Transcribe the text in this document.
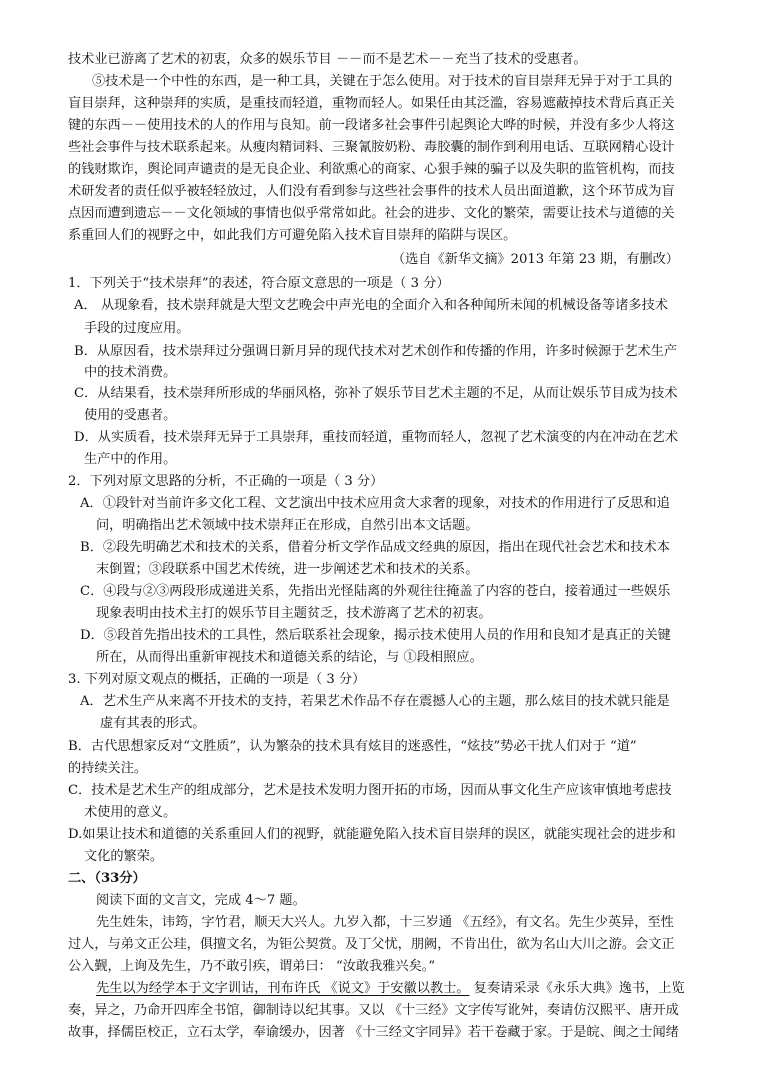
技术业已游离了艺术的初衷，众多的娱乐节目 －－而不是艺术－－充当了技术的受惠者。
⑤技术是一个中性的东西，是一种工具，关键在于怎么使用。对于技术的盲目崇拜无异于对于工具的
盲目崇拜，这种崇拜的实质，是重技而轻道，重物而轻人。如果任由其泛滥，容易遮蔽掉技术背后真正关
键的东西－－使用技术的人的作用与良知。前一段诸多社会事件引起舆论大哗的时候，并没有多少人将这
些社会事件与技术联系起来。从瘦肉精词料、三聚氰胺奶粉、毒胶囊的制作到利用电话、互联网精心设计
的钱财欺诈，舆论同声谴责的是无良企业、利欲熏心的商家、心狠手辣的骗子以及失职的监管机构，而技
术研发者的责任似乎被轻轻放过，人们没有看到参与这些社会事件的技术人员出面道歉，这个环节成为盲
点因而遭到遗忘－－文化领域的事情也似乎常常如此。社会的进步、文化的繁荣，需要让技术与道德的关
系重回人们的视野之中，如此我们方可避免陷入技术盲目崇拜的陷阱与误区。
（选自《新华文摘》2013 年第 23 期，有删改）
1．下列关于“技术崇拜”的表述，符合原文意思的一项是（ 3 分）
A． 从现象看，技术崇拜就是大型文艺晚会中声光电的全面介入和各种闻所未闻的机械设备等诸多技术
手段的过度应用。
B．从原因看，技术崇拜过分强调日新月异的现代技术对艺术创作和传播的作用，许多时候源于艺术生产
中的技术消费。
C．从结果看，技术崇拜所形成的华丽风格，弥补了娱乐节目艺术主题的不足，从而让娱乐节目成为技术
使用的受惠者。
D．从实质看，技术崇拜无异于工具崇拜，重技而轻道，重物而轻人，忽视了艺术演变的内在冲动在艺术
生产中的作用。
2．下列对原文思路的分析，不正确的一项是（ 3 分）
A．①段针对当前许多文化工程、文艺演出中技术应用贪大求奢的现象，对技术的作用进行了反思和追
问，明确指出艺术领域中技术崇拜正在形成，自然引出本文话题。
B．②段先明确艺术和技术的关系，借着分析文学作品成文经典的原因，指出在现代社会艺术和技术本
末倒置；③段联系中国艺术传统，进一步阐述艺术和技术的关系。
C．④段与②③两段形成递进关系，先指出光怪陆离的外观往往掩盖了内容的苍白，接着通过一些娱乐
现象表明由技术主打的娱乐节目主题贫乏，技术游离了艺术的初衷。
D．⑤段首先指出技术的工具性，然后联系社会现象，揭示技术使用人员的作用和良知才是真正的关键
所在，从而得出重新审视技术和道德关系的结论，与 ①段相照应。
3. 下列对原文观点的概括，正确的一项是（ 3 分）
A．艺术生产从来离不开技术的支持，若果艺术作品不存在震撼人心的主题，那么炫目的技术就只能是
虚有其表的形式。
B．古代思想家反对“文胜质”，认为繁杂的技术具有炫目的迷惑性，“炫技”势必干扰人们对于 “道”
的持续关注。
C．技术是艺术生产的组成部分，艺术是技术发明力图开拓的市场，因而从事文化生产应该审慎地考虑技
术使用的意义。
D.如果让技术和道德的关系重回人们的视野，就能避免陷入技术盲目崇拜的误区，就能实现社会的进步和
文化的繁荣。
二、（33分）
阅读下面的文言文，完成 4～7 题。
先生姓朱，讳筠，字竹君，顺天大兴人。九岁入都，十三岁通 《五经》，有文名。先生少英异，至性
过人，与弟文正公珪，俱擅文名，为钜公契赏。及丁父忧，朋阙，不肯出仕，欲为名山大川之游。会文正
公入觐，上询及先生，乃不敢引疾，谓弟曰： “汝敢我雅兴矣。”
先生以为经学本于文字训诂，刊布许氏 《说文》于安徽以教士。 复奏请采录《永乐大典》逸书，上览
奏，异之，乃命开四库全书馆，御制诗以纪其事。又以 《十三经》文字传写讹舛，奏请仿汉熙平、唐开成
故事，择儒臣校正，立石太学，奉谕缓办，因著 《十三经文字同异》若干卷藏于家。于是皖、闽之士闻绪
